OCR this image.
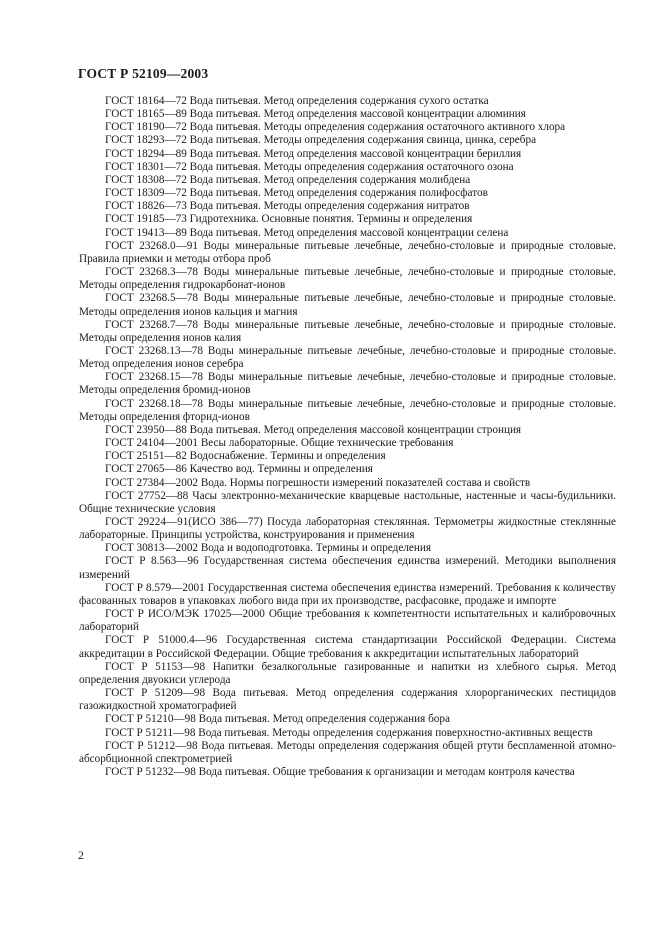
ГОСТ Р 52109—2003

ГОСТ 18164—72 Вода питьевая. Метод определения содержания сухого остатка

ГОСТ 18165—89 Вода питьевая. Метод определения массовой концентрации алюминия

ГОСТ 18190—72 Вода питьевая. Методы определения содержания остаточного активного хлора

ГОСТ 18293—72 Вода питьевая. Методы определения содержания свинца, цинка, серебра

ГОСТ 18294—89 Вода питьевая. Метод определения массовой концентрации бериллия

ГОСТ 18301—72 Вода питьевая. Методы определения содержания остаточного озона

ГОСТ 18308—72 Вода питьевая. Метод определения содержания молибдена

ГОСТ 18309—72 Вода питьевая. Метод определения содержания полифосфатов

ГОСТ 18826—73 Вода питьевая. Методы определения содержания нитратов

ГОСТ 19185—73 Гидротехника. Основные понятия. Термины и определения

ГОСТ 19413—89 Вода питьевая. Метод определения массовой концентрации селена

ГОСТ 23268.0—91 Воды минеральные питьевые лечебные, лечебно-столовые и природные столовые. Правила приемки и методы отбора проб

ГОСТ 23268.3—78 Воды минеральные питьевые лечебные, лечебно-столовые и природные столовые. Методы определения гидрокарбонат-ионов

ГОСТ 23268.5—78 Воды минеральные питьевые лечебные, лечебно-столовые и природные столовые. Методы определения ионов кальция и магния

ГОСТ 23268.7—78 Воды минеральные питьевые лечебные, лечебно-столовые и природные столовые. Методы определения ионов калия

ГОСТ 23268.13—78 Воды минеральные питьевые лечебные, лечебно-столовые и природные столовые. Метод определения ионов серебра

ГОСТ 23268.15—78 Воды минеральные питьевые лечебные, лечебно-столовые и природные столовые. Методы определения бромид-ионов

ГОСТ 23268.18—78 Воды минеральные питьевые лечебные, лечебно-столовые и природные столовые. Методы определения фторид-ионов

ГОСТ 23950—88 Вода питьевая. Метод определения массовой концентрации стронция

ГОСТ 24104—2001 Весы лабораторные. Общие технические требования

ГОСТ 25151—82 Водоснабжение. Термины и определения

ГОСТ 27065—86 Качество вод. Термины и определения

ГОСТ 27384—2002 Вода. Нормы погрешности измерений показателей состава и свойств

ГОСТ 27752—88 Часы электронно-механические кварцевые настольные, настенные и часы-будильники. Общие технические условия

ГОСТ 29224—91(ИСО 386—77) Посуда лабораторная стеклянная. Термометры жидкостные стеклянные лабораторные. Принципы устройства, конструирования и применения

ГОСТ 30813—2002 Вода и водоподготовка. Термины и определения

ГОСТ Р 8.563—96 Государственная система обеспечения единства измерений. Методики выполнения измерений

ГОСТ Р 8.579—2001 Государственная система обеспечения единства измерений. Требования к количеству фасованных товаров в упаковках любого вида при их производстве, расфасовке, продаже и импорте

ГОСТ Р ИСО/МЭК 17025—2000 Общие требования к компетентности испытательных и калибровочных лабораторий

ГОСТ Р 51000.4—96 Государственная система стандартизации Российской Федерации. Система аккредитации в Российской Федерации. Общие требования к аккредитации испытательных лабораторий

ГОСТ Р 51153—98 Напитки безалкогольные газированные и напитки из хлебного сырья. Метод определения двуокиси углерода

ГОСТ Р 51209—98 Вода питьевая. Метод определения содержания хлорорганических пестицидов газожидкостной хроматографией

ГОСТ Р 51210—98 Вода питьевая. Метод определения содержания бора

ГОСТ Р 51211—98 Вода питьевая. Методы определения содержания поверхностно-активных веществ

ГОСТ Р 51212—98 Вода питьевая. Методы определения содержания общей ртути беспламенной атомно-абсорбционной спектрометрией

ГОСТ Р 51232—98 Вода питьевая. Общие требования к организации и методам контроля качества

2
